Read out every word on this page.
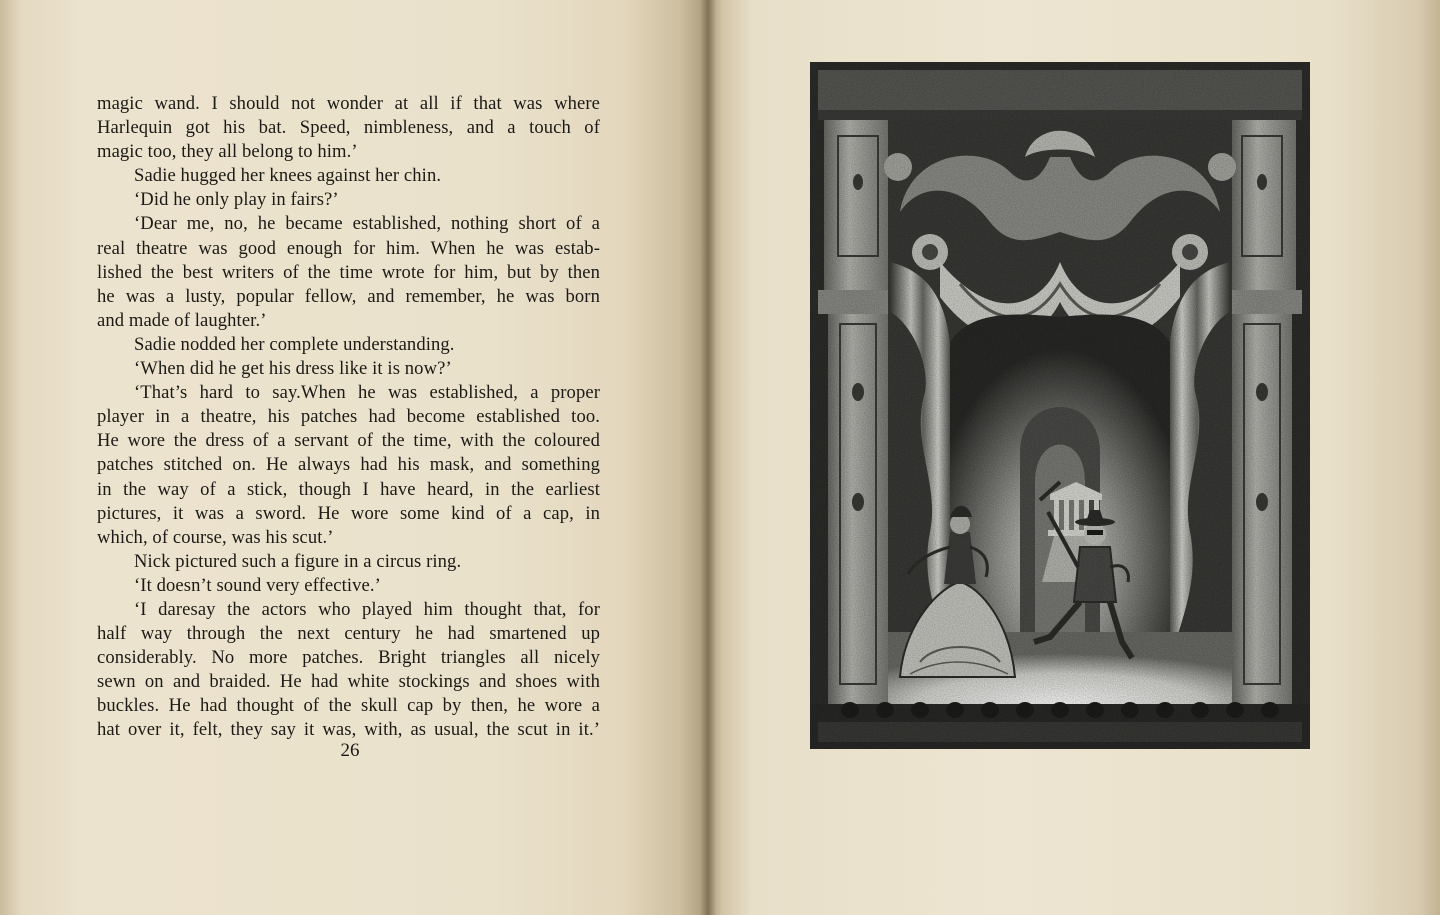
magic wand. I should not wonder at all if that was where
Harlequin got his bat. Speed, nimbleness, and a touch of
magic too, they all belong to him.’
Sadie hugged her knees against her chin.
‘Did he only play in fairs?’
‘Dear me, no, he became established, nothing short of a
real theatre was good enough for him. When he was estab-
lished the best writers of the time wrote for him, but by then
he was a lusty, popular fellow, and remember, he was born
and made of laughter.’
Sadie nodded her complete understanding.
‘When did he get his dress like it is now?’
‘That’s hard to say.When he was established, a proper
player in a theatre, his patches had become established too.
He wore the dress of a servant of the time, with the coloured
patches stitched on. He always had his mask, and something
in the way of a stick, though I have heard, in the earliest
pictures, it was a sword. He wore some kind of a cap, in
which, of course, was his scut.’
Nick pictured such a figure in a circus ring.
‘It doesn’t sound very effective.’
‘I daresay the actors who played him thought that, for
half way through the next century he had smartened up
considerably. No more patches. Bright triangles all nicely
sewn on and braided. He had white stockings and shoes with
buckles. He had thought of the skull cap by then, he wore a
hat over it, felt, they say it was, with, as usual, the scut in it.’
26
